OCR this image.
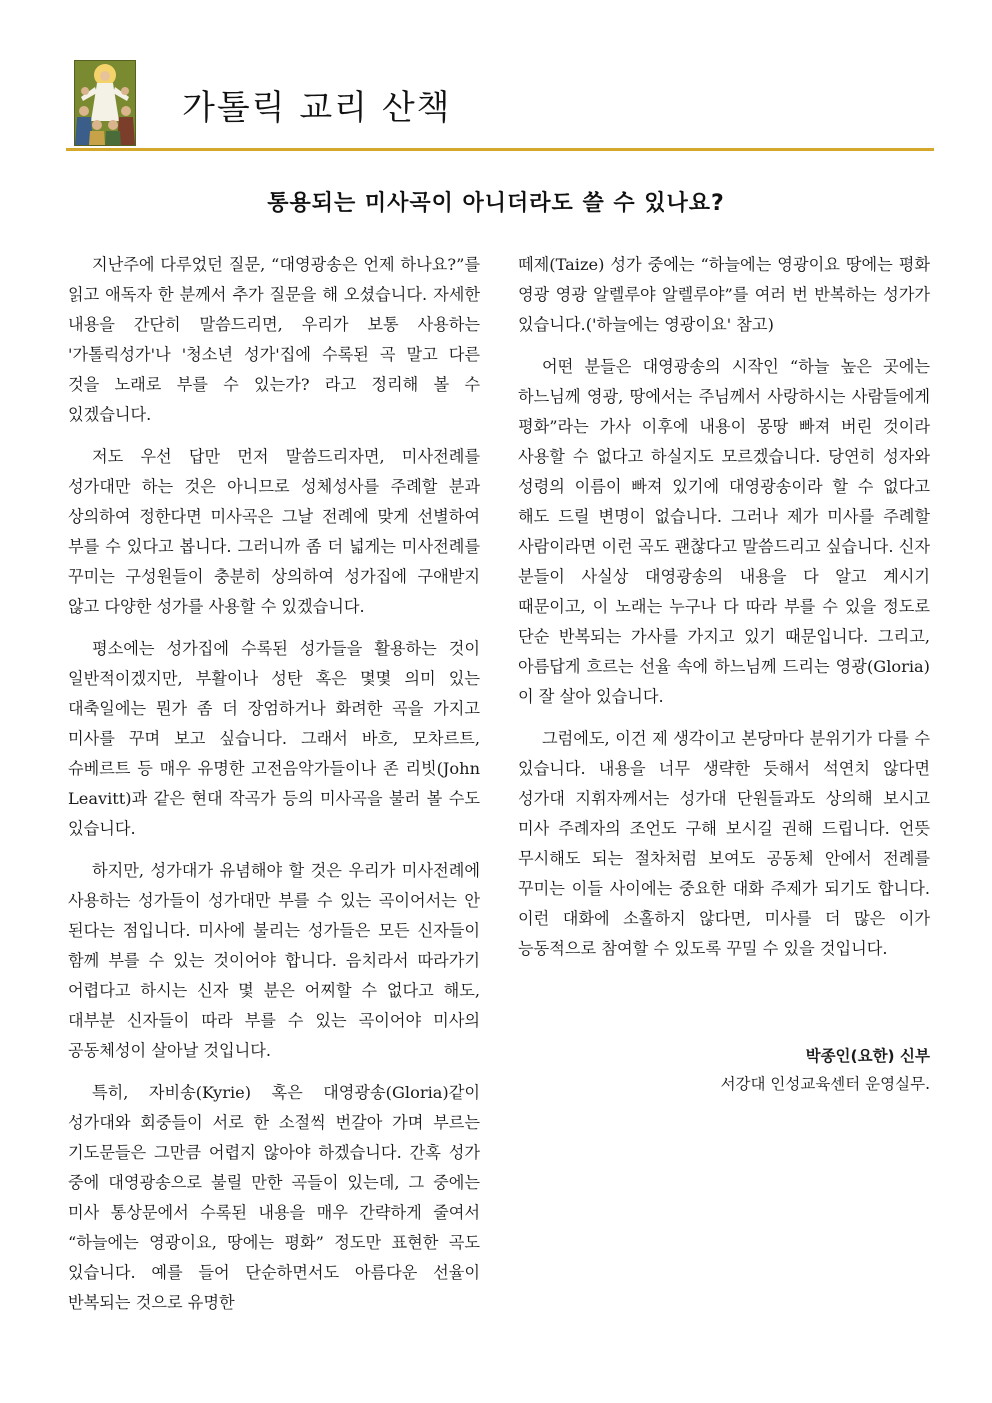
가톨릭 교리 산책
통용되는 미사곡이 아니더라도 쓸 수 있나요?

지난주에 다루었던 질문, “대영광송은 언제 하나요?”를 읽고 애독자 한 분께서 추가 질문을 해 오셨습니다. 자세한 내용을 간단히 말씀드리면, 우리가 보통 사용하는 '가톨릭성가'나 '청소년 성가'집에 수록된 곡 말고 다른 것을 노래로 부를 수 있는가? 라고 정리해 볼 수 있겠습니다.

저도 우선 답만 먼저 말씀드리자면, 미사전례를 성가대만 하는 것은 아니므로 성체성사를 주례할 분과 상의하여 정한다면 미사곡은 그날 전례에 맞게 선별하여 부를 수 있다고 봅니다. 그러니까 좀 더 넓게는 미사전례를 꾸미는 구성원들이 충분히 상의하여 성가집에 구애받지 않고 다양한 성가를 사용할 수 있겠습니다.

평소에는 성가집에 수록된 성가들을 활용하는 것이 일반적이겠지만, 부활이나 성탄 혹은 몇몇 의미 있는 대축일에는 뭔가 좀 더 장엄하거나 화려한 곡을 가지고 미사를 꾸며 보고 싶습니다. 그래서 바흐, 모차르트, 슈베르트 등 매우 유명한 고전음악가들이나 존 리빗(John Leavitt)과 같은 현대 작곡가 등의 미사곡을 불러 볼 수도 있습니다.

하지만, 성가대가 유념해야 할 것은 우리가 미사전례에 사용하는 성가들이 성가대만 부를 수 있는 곡이어서는 안 된다는 점입니다. 미사에 불리는 성가들은 모든 신자들이 함께 부를 수 있는 것이어야 합니다. 음치라서 따라가기 어렵다고 하시는 신자 몇 분은 어찌할 수 없다고 해도, 대부분 신자들이 따라 부를 수 있는 곡이어야 미사의 공동체성이 살아날 것입니다.

특히, 자비송(Kyrie) 혹은 대영광송(Gloria)같이 성가대와 회중들이 서로 한 소절씩 번갈아 가며 부르는 기도문들은 그만큼 어렵지 않아야 하겠습니다. 간혹 성가 중에 대영광송으로 불릴 만한 곡들이 있는데, 그 중에는 미사 통상문에서 수록된 내용을 매우 간략하게 줄여서 “하늘에는 영광이요, 땅에는 평화” 정도만 표현한 곡도 있습니다. 예를 들어 단순하면서도 아름다운 선율이 반복되는 것으로 유명한

떼제(Taize) 성가 중에는 “하늘에는 영광이요 땅에는 평화 영광 영광 알렐루야 알렐루야”를 여러 번 반복하는 성가가 있습니다.('하늘에는 영광이요' 참고)

어떤 분들은 대영광송의 시작인 “하늘 높은 곳에는 하느님께 영광, 땅에서는 주님께서 사랑하시는 사람들에게 평화”라는 가사 이후에 내용이 몽땅 빠져 버린 것이라 사용할 수 없다고 하실지도 모르겠습니다. 당연히 성자와 성령의 이름이 빠져 있기에 대영광송이라 할 수 없다고 해도 드릴 변명이 없습니다. 그러나 제가 미사를 주례할 사람이라면 이런 곡도 괜찮다고 말씀드리고 싶습니다. 신자 분들이 사실상 대영광송의 내용을 다 알고 계시기 때문이고, 이 노래는 누구나 다 따라 부를 수 있을 정도로 단순 반복되는 가사를 가지고 있기 때문입니다. 그리고, 아름답게 흐르는 선율 속에 하느님께 드리는 영광(Gloria)이 잘 살아 있습니다.

그럼에도, 이건 제 생각이고 본당마다 분위기가 다를 수 있습니다. 내용을 너무 생략한 듯해서 석연치 않다면 성가대 지휘자께서는 성가대 단원들과도 상의해 보시고 미사 주례자의 조언도 구해 보시길 권해 드립니다. 언뜻 무시해도 되는 절차처럼 보여도 공동체 안에서 전례를 꾸미는 이들 사이에는 중요한 대화 주제가 되기도 합니다. 이런 대화에 소홀하지 않다면, 미사를 더 많은 이가 능동적으로 참여할 수 있도록 꾸밀 수 있을 것입니다.

박종인(요한) 신부
서강대 인성교육센터 운영실무.
